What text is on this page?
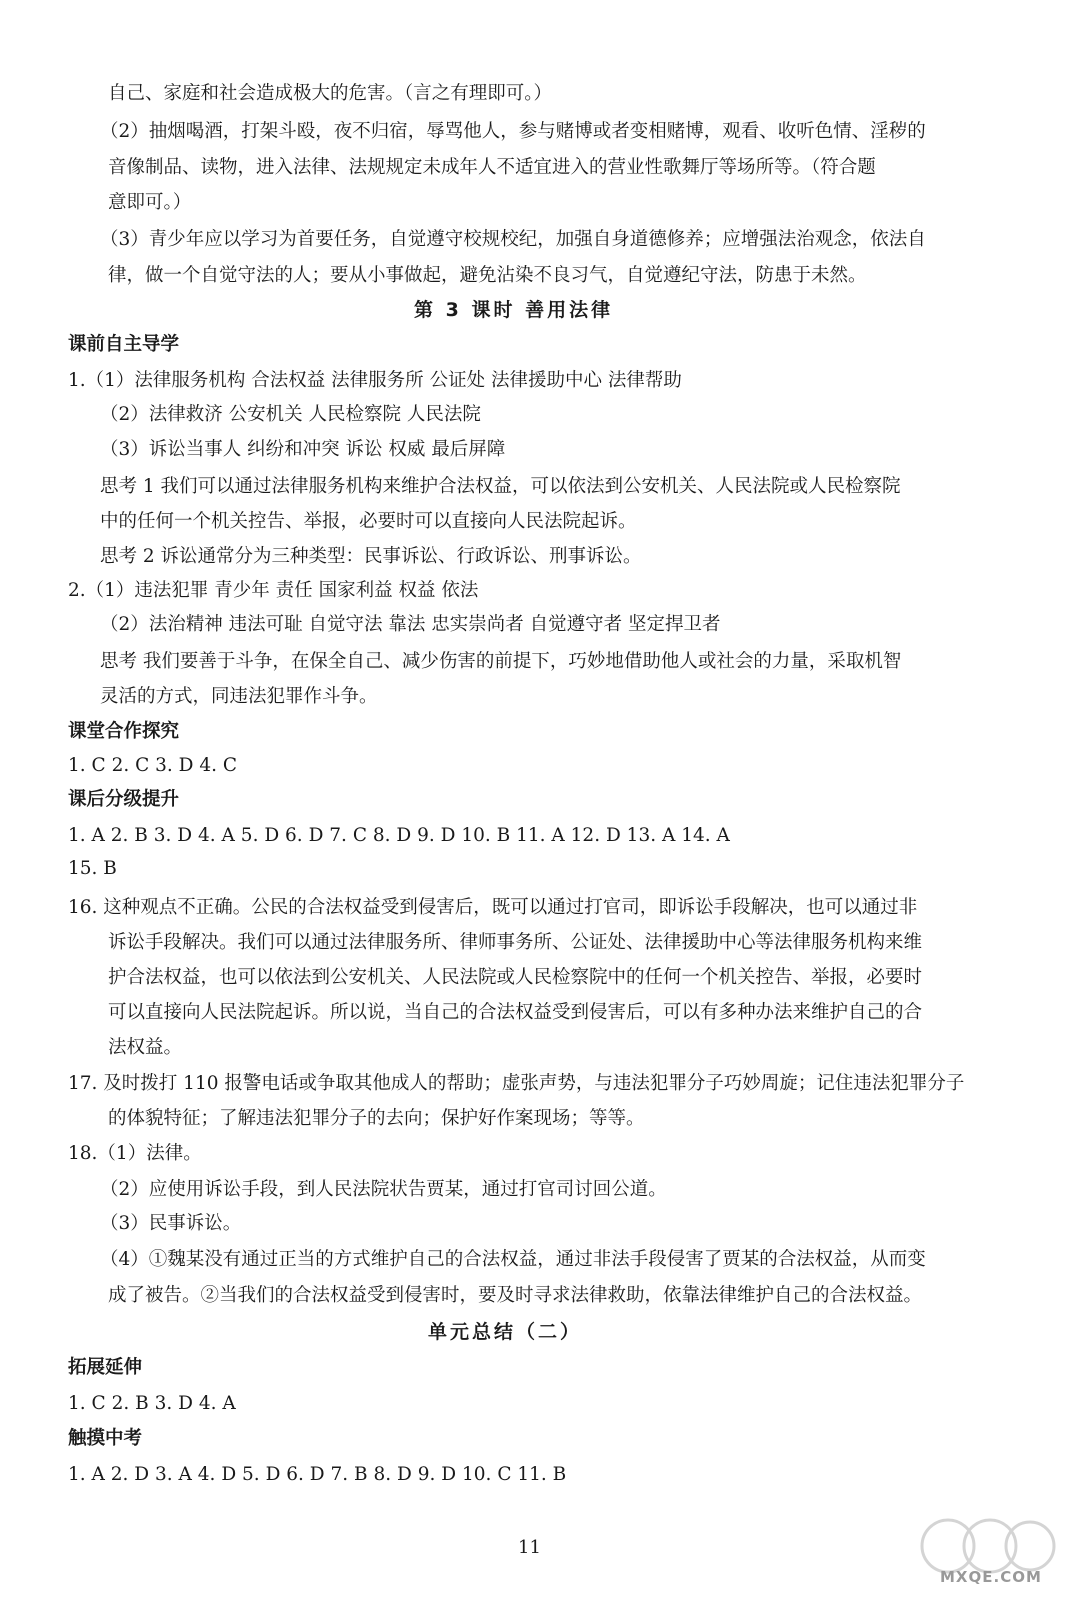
自己、家庭和社会造成极大的危害。（言之有理即可。）
（2）抽烟喝酒，打架斗殴，夜不归宿，辱骂他人，参与赌博或者变相赌博，观看、收听色情、淫秽的
音像制品、读物，进入法律、法规规定未成年人不适宜进入的营业性歌舞厅等场所等。（符合题
意即可。）
（3）青少年应以学习为首要任务，自觉遵守校规校纪，加强自身道德修养；应增强法治观念，依法自
律，做一个自觉守法的人；要从小事做起，避免沾染不良习气，自觉遵纪守法，防患于未然。
第 3 课时 善用法律
课前自主导学
1.（1）法律服务机构 合法权益 法律服务所 公证处 法律援助中心 法律帮助
（2）法律救济 公安机关 人民检察院 人民法院
（3）诉讼当事人 纠纷和冲突 诉讼 权威 最后屏障
思考 1 我们可以通过法律服务机构来维护合法权益，可以依法到公安机关、人民法院或人民检察院
中的任何一个机关控告、举报，必要时可以直接向人民法院起诉。
思考 2 诉讼通常分为三种类型：民事诉讼、行政诉讼、刑事诉讼。
2.（1）违法犯罪 青少年 责任 国家利益 权益 依法
（2）法治精神 违法可耻 自觉守法 靠法 忠实崇尚者 自觉遵守者 坚定捍卫者
思考 我们要善于斗争，在保全自己、减少伤害的前提下，巧妙地借助他人或社会的力量，采取机智
灵活的方式，同违法犯罪作斗争。
课堂合作探究
1. C 2. C 3. D 4. C
课后分级提升
1. A 2. B 3. D 4. A 5. D 6. D 7. C 8. D 9. D 10. B 11. A 12. D 13. A 14. A
15. B
16. 这种观点不正确。公民的合法权益受到侵害后，既可以通过打官司，即诉讼手段解决，也可以通过非
诉讼手段解决。我们可以通过法律服务所、律师事务所、公证处、法律援助中心等法律服务机构来维
护合法权益，也可以依法到公安机关、人民法院或人民检察院中的任何一个机关控告、举报，必要时
可以直接向人民法院起诉。所以说，当自己的合法权益受到侵害后，可以有多种办法来维护自己的合
法权益。
17. 及时拨打 110 报警电话或争取其他成人的帮助；虚张声势，与违法犯罪分子巧妙周旋；记住违法犯罪分子
的体貌特征；了解违法犯罪分子的去向；保护好作案现场；等等。
18.（1）法律。
（2）应使用诉讼手段，到人民法院状告贾某，通过打官司讨回公道。
（3）民事诉讼。
（4）①魏某没有通过正当的方式维护自己的合法权益，通过非法手段侵害了贾某的合法权益，从而变
成了被告。②当我们的合法权益受到侵害时，要及时寻求法律救助，依靠法律维护自己的合法权益。
单元总结（二）
拓展延伸
1. C 2. B 3. D 4. A
触摸中考
1. A 2. D 3. A 4. D 5. D 6. D 7. B 8. D 9. D 10. C 11. B
11
MXQE.COM
